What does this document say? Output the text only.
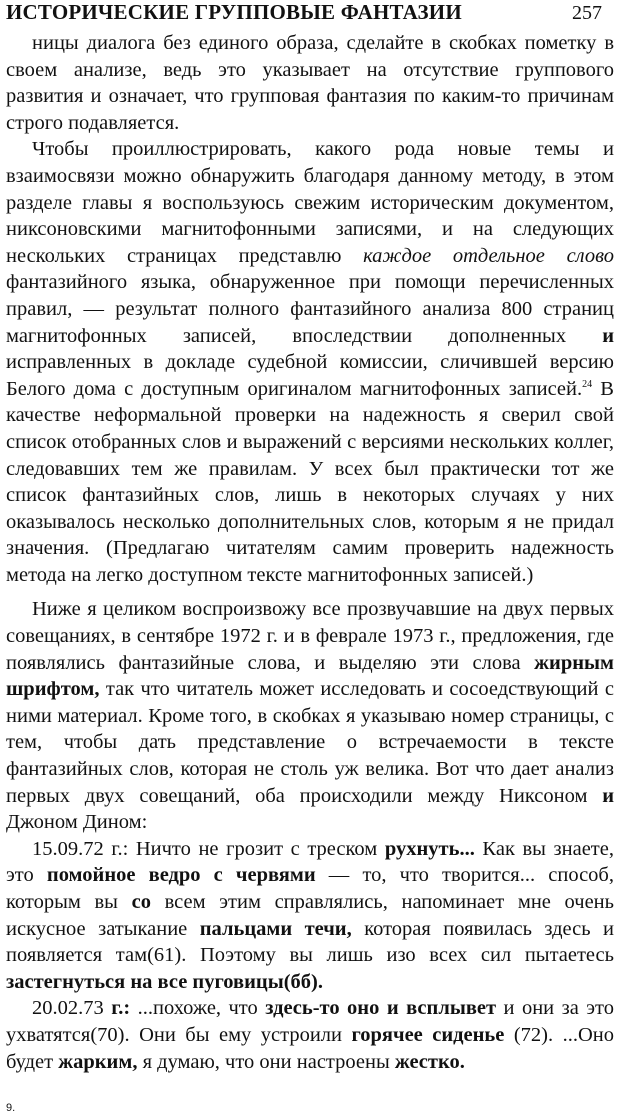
ИСТОРИЧЕСКИЕ ГРУППОВЫЕ ФАНТАЗИИ	257

ницы диалога без единого образа, сделайте в скобках пометку в своем анализе, ведь это указывает на отсутствие группового развития и означает, что групповая фантазия по каким-то причинам строго подавляется.

Чтобы проиллюстрировать, какого рода новые темы и взаимосвязи можно обнаружить благодаря данному методу, в этом разделе главы я воспользуюсь свежим историческим документом, никсоновскими магнитофонными записями, и на следующих нескольких страницах представлю каждое отдельное слово фантазийного языка, обнаруженное при помощи перечисленных правил, — результат полного фантазийного анализа 800 страниц магнитофонных записей, впоследствии дополненных и исправленных в докладе судебной комиссии, сличившей версию Белого дома с доступным оригиналом магнитофонных записей.$^{24}$ В качестве неформальной проверки на надежность я сверил свой список отобранных слов и выражений с версиями нескольких коллег, следовавших тем же правилам. У всех был практически тот же список фантазийных слов, лишь в некоторых случаях у них оказывалось несколько дополнительных слов, которым я не придал значения. (Предлагаю читателям самим проверить надежность метода на легко доступном тексте магнитофонных записей.)

Ниже я целиком воспроизвожу все прозвучавшие на двух первых совещаниях, в сентябре 1972 г. и в феврале 1973 г., предложения, где появлялись фантазийные слова, и выделяю эти слова жирным шрифтом, так что читатель может исследовать и сосоедствующий с ними материал. Кроме того, в скобках я указываю номер страницы, с тем, чтобы дать представление о встречаемости в тексте фантазийных слов, которая не столь уж велика. Вот что дает анализ первых двух совещаний, оба происходили между Никсоном и Джоном Дином:

15.09.72 г.: Ничто не грозит с треском рухнуть... Как вы знаете, это помойное ведро с червями — то, что творится... способ, которым вы со всем этим справлялись, напоминает мне очень искусное затыкание пальцами течи, которая появилась здесь и появляется там(61). Поэтому вы лишь изо всех сил пытаетесь застегнуться на все пуговицы(бб).

20.02.73 г.: ...похоже, что здесь-то оно и всплывет и они за это ухватятся(70). Они бы ему устроили горячее сиденье (72). ...Оно будет жарким, я думаю, что они настроены жестко.

9.
